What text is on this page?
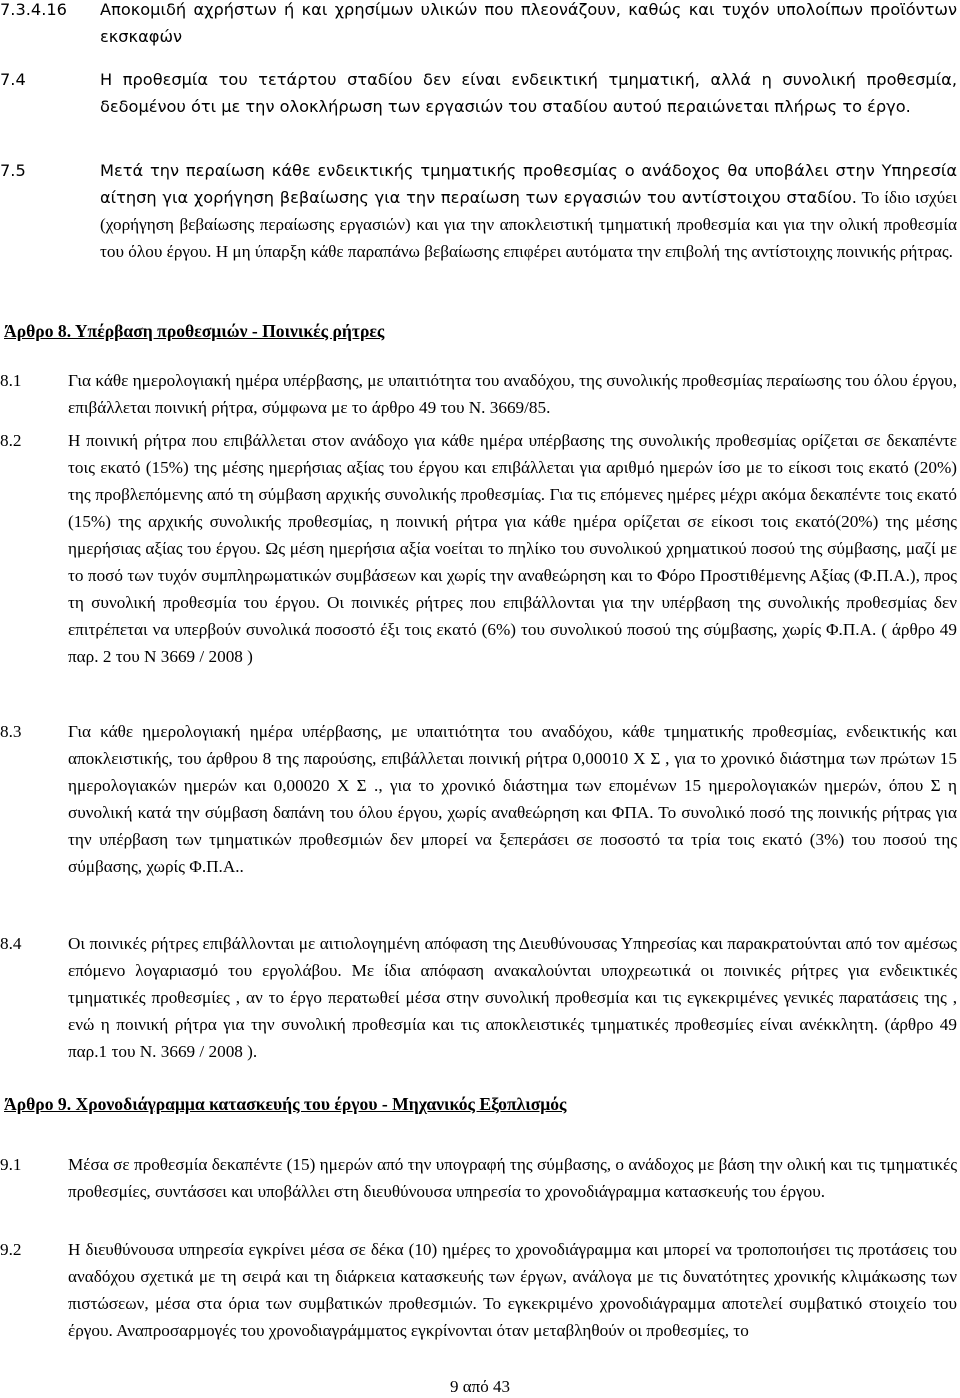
7.3.4.16 Αποκομιδή αχρήστων ή και χρησίμων υλικών που πλεονάζουν, καθώς και τυχόν υπολοίπων προϊόντων εκσκαφών
7.4	Η προθεσμία του τετάρτου σταδίου δεν είναι ενδεικτική τμηματική, αλλά η συνολική προθεσμία, δεδομένου ότι με την ολοκλήρωση των εργασιών του σταδίου αυτού περαιώνεται πλήρως το έργο.
7.5	Μετά την περαίωση κάθε ενδεικτικής τμηματικής προθεσμίας ο ανάδοχος θα υποβάλει στην Υπηρεσία αίτηση για χορήγηση βεβαίωσης για την περαίωση των εργασιών του αντίστοιχου σταδίου. Το ίδιο ισχύει (χορήγηση βεβαίωσης περαίωσης εργασιών) και για την αποκλειστική τμηματική προθεσμία και για την ολική προθεσμία του όλου έργου. Η μη ύπαρξη κάθε παραπάνω βεβαίωσης επιφέρει αυτόματα την επιβολή της αντίστοιχης ποινικής ρήτρας.
Άρθρο 8. Υπέρβαση προθεσμιών - Ποινικές ρήτρες
8.1	Για κάθε ημερολογιακή ημέρα υπέρβασης, με υπαιτιότητα του αναδόχου, της συνολικής προθεσμίας περαίωσης του όλου έργου, επιβάλλεται ποινική ρήτρα, σύμφωνα με το άρθρο 49 του Ν. 3669/85.
8.2	Η ποινική ρήτρα που επιβάλλεται στον ανάδοχο για κάθε ημέρα υπέρβασης της συνολικής προθεσμίας ορίζεται σε δεκαπέντε τοις εκατό (15%) της μέσης ημερήσιας αξίας του έργου και επιβάλλεται για αριθμό ημερών ίσο με το είκοσι τοις εκατό (20%) της προβλεπόμενης από τη σύμβαση αρχικής συνολικής προθεσμίας. Για τις επόμενες ημέρες μέχρι ακόμα δεκαπέντε τοις εκατό (15%) της αρχικής συνολικής προθεσμίας, η ποινική ρήτρα για κάθε ημέρα ορίζεται σε είκοσι τοις εκατό(20%) της μέσης ημερήσιας αξίας του έργου. Ως μέση ημερήσια αξία νοείται το πηλίκο του συνολικού χρηματικού ποσού της σύμβασης, μαζί με το ποσό των τυχόν συμπληρωματικών συμβάσεων και χωρίς την αναθεώρηση και το Φόρο Προστιθέμενης Αξίας (Φ.Π.Α.), προς τη συνολική προθεσμία του έργου. Οι ποινικές ρήτρες που επιβάλλονται για την υπέρβαση της συνολικής προθεσμίας δεν επιτρέπεται να υπερβούν συνολικά ποσοστό έξι τοις εκατό (6%) του συνολικού ποσού της σύμβασης, χωρίς Φ.Π.Α. ( άρθρο 49 παρ. 2 του Ν 3669 / 2008 )
8.3	Για κάθε ημερολογιακή ημέρα υπέρβασης, με υπαιτιότητα του αναδόχου, κάθε τμηματικής προθεσμίας, ενδεικτικής και αποκλειστικής, του άρθρου 8 της παρούσης, επιβάλλεται ποινική ρήτρα 0,00010 Χ Σ , για το χρονικό διάστημα των πρώτων 15 ημερολογιακών ημερών και 0,00020 Χ Σ ., για το χρονικό διάστημα των επομένων 15 ημερολογιακών ημερών, όπου Σ η συνολική κατά την σύμβαση δαπάνη του όλου έργου, χωρίς αναθεώρηση και ΦΠΑ. Το συνολικό ποσό της ποινικής ρήτρας για την υπέρβαση των τμηματικών προθεσμιών δεν μπορεί να ξεπεράσει σε ποσοστό τα τρία τοις εκατό (3%) του ποσού της σύμβασης, χωρίς Φ.Π.Α..
8.4	Οι ποινικές ρήτρες επιβάλλονται με αιτιολογημένη απόφαση της Διευθύνουσας Υπηρεσίας και παρακρατούνται από τον αμέσως επόμενο λογαριασμό του εργολάβου. Με ίδια απόφαση ανακαλούνται υποχρεωτικά οι ποινικές ρήτρες για ενδεικτικές τμηματικές προθεσμίες , αν το έργο περατωθεί μέσα στην συνολική προθεσμία και τις εγκεκριμένες γενικές παρατάσεις της , ενώ η ποινική ρήτρα για την συνολική προθεσμία και τις αποκλειστικές τμηματικές προθεσμίες είναι ανέκκλητη. (άρθρο 49 παρ.1 του Ν. 3669 / 2008 ).
Άρθρο 9. Χρονοδιάγραμμα κατασκευής του έργου - Μηχανικός Εξοπλισμός
9.1	Μέσα σε προθεσμία δεκαπέντε (15) ημερών από την υπογραφή της σύμβασης, ο ανάδοχος με βάση την ολική και τις τμηματικές προθεσμίες, συντάσσει και υποβάλλει στη διευθύνουσα υπηρεσία το χρονοδιάγραμμα κατασκευής του έργου.
9.2	Η διευθύνουσα υπηρεσία εγκρίνει μέσα σε δέκα (10) ημέρες το χρονοδιάγραμμα και μπορεί να τροποποιήσει τις προτάσεις του αναδόχου σχετικά με τη σειρά και τη διάρκεια κατασκευής των έργων, ανάλογα με τις δυνατότητες χρονικής κλιμάκωσης των πιστώσεων, μέσα στα όρια των συμβατικών προθεσμιών. Το εγκεκριμένο χρονοδιάγραμμα αποτελεί συμβατικό στοιχείο του έργου. Αναπροσαρμογές του χρονοδιαγράμματος εγκρίνονται όταν μεταβληθούν οι προθεσμίες, το
9 από 43
